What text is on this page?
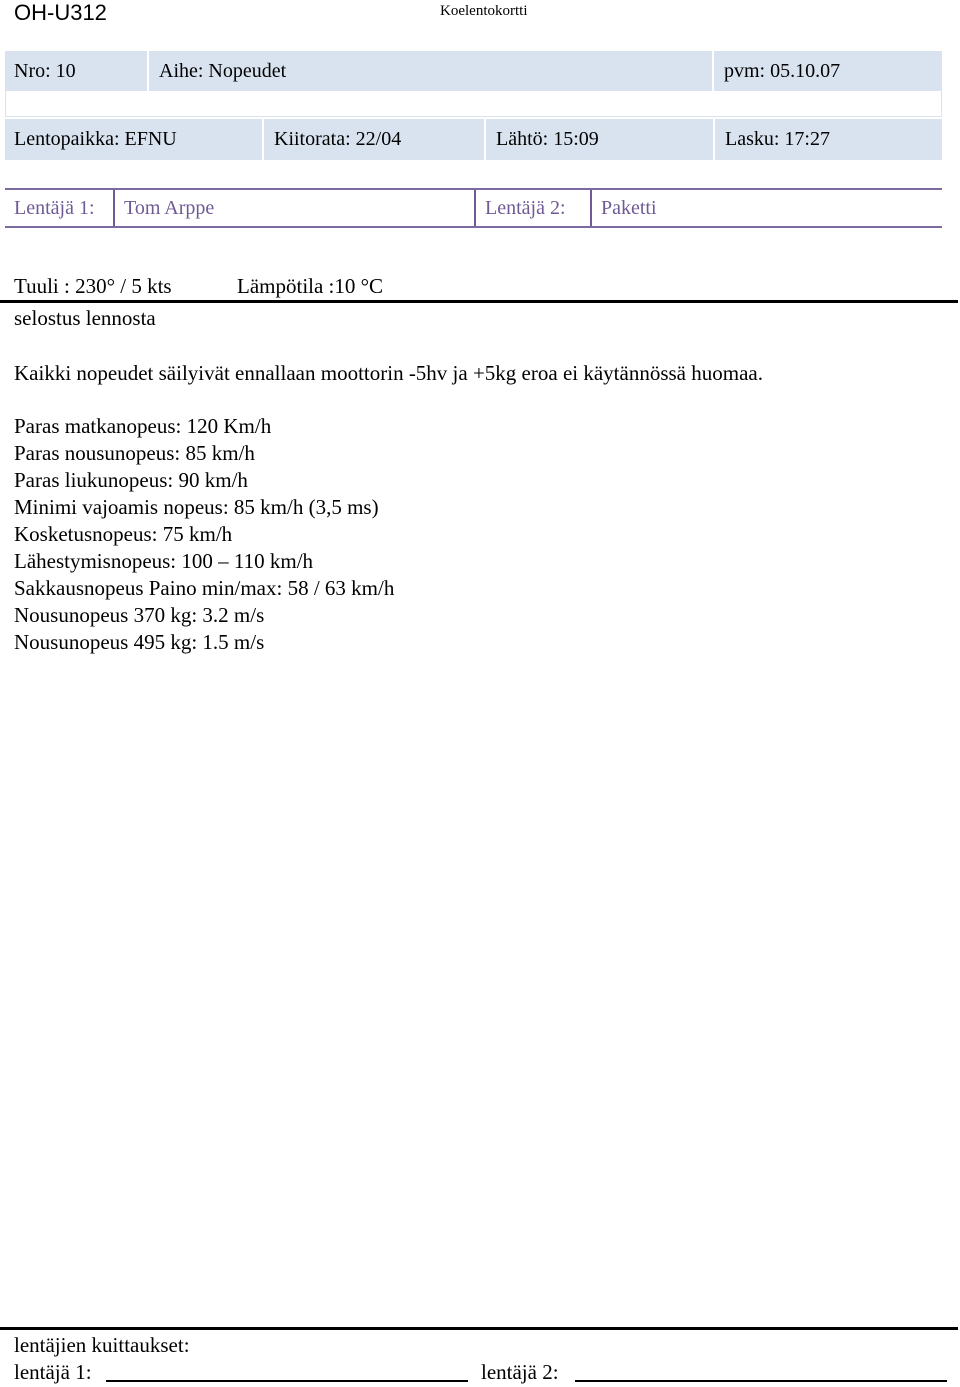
OH-U312	Koelentokortti
Nro: 10	Aihe: Nopeudet	pvm: 05.10.07
Lentopaikka: EFNU	Kiitorata: 22/04	Lähtö: 15:09	Lasku: 17:27
Lentäjä 1:	Tom Arppe	Lentäjä 2:	Paketti
Tuuli : 230° / 5 kts	Lämpötila :10 °C
selostus lennosta
Kaikki nopeudet säilyivät ennallaan moottorin -5hv ja +5kg eroa ei käytännössä huomaa.
Paras matkanopeus: 120 Km/h
Paras nousunopeus: 85 km/h
Paras liukunopeus: 90 km/h
Minimi vajoamis nopeus: 85 km/h (3,5 ms)
Kosketusnopeus: 75 km/h
Lähestymisnopeus: 100 – 110 km/h
Sakkausnopeus Paino min/max: 58 / 63 km/h
Nousunopeus 370 kg: 3.2 m/s
Nousunopeus 495 kg: 1.5 m/s
lentäjien kuittaukset:
lentäjä 1:	lentäjä 2:
